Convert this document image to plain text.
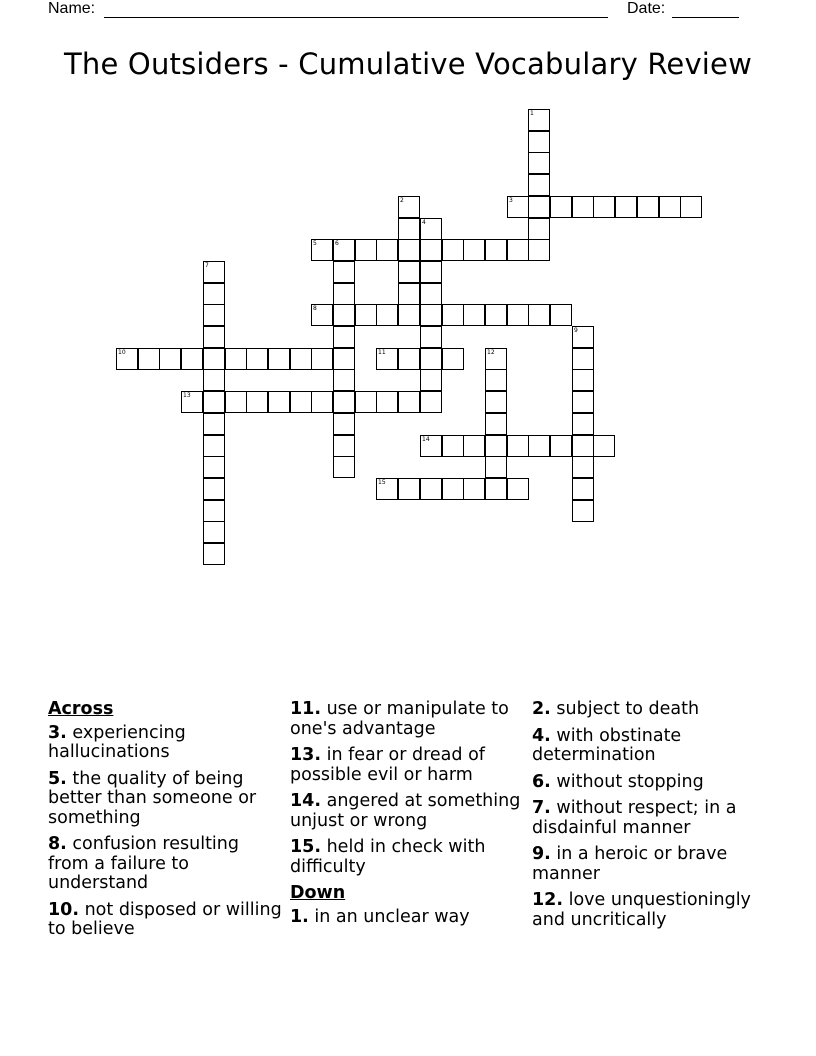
Name:	Date:
The Outsiders - Cumulative Vocabulary Review
1
2	3
4
5	6
7
8
9
10	11	12
13
14
15
Across
3. experiencing hallucinations
5. the quality of being better than someone or something
8. confusion resulting from a failure to understand
10. not disposed or willing to believe
11. use or manipulate to one's advantage
13. in fear or dread of possible evil or harm
14. angered at something unjust or wrong
15. held in check with difficulty
Down
1. in an unclear way
2. subject to death
4. with obstinate determination
6. without stopping
7. without respect; in a disdainful manner
9. in a heroic or brave manner
12. love unquestioningly and uncritically
